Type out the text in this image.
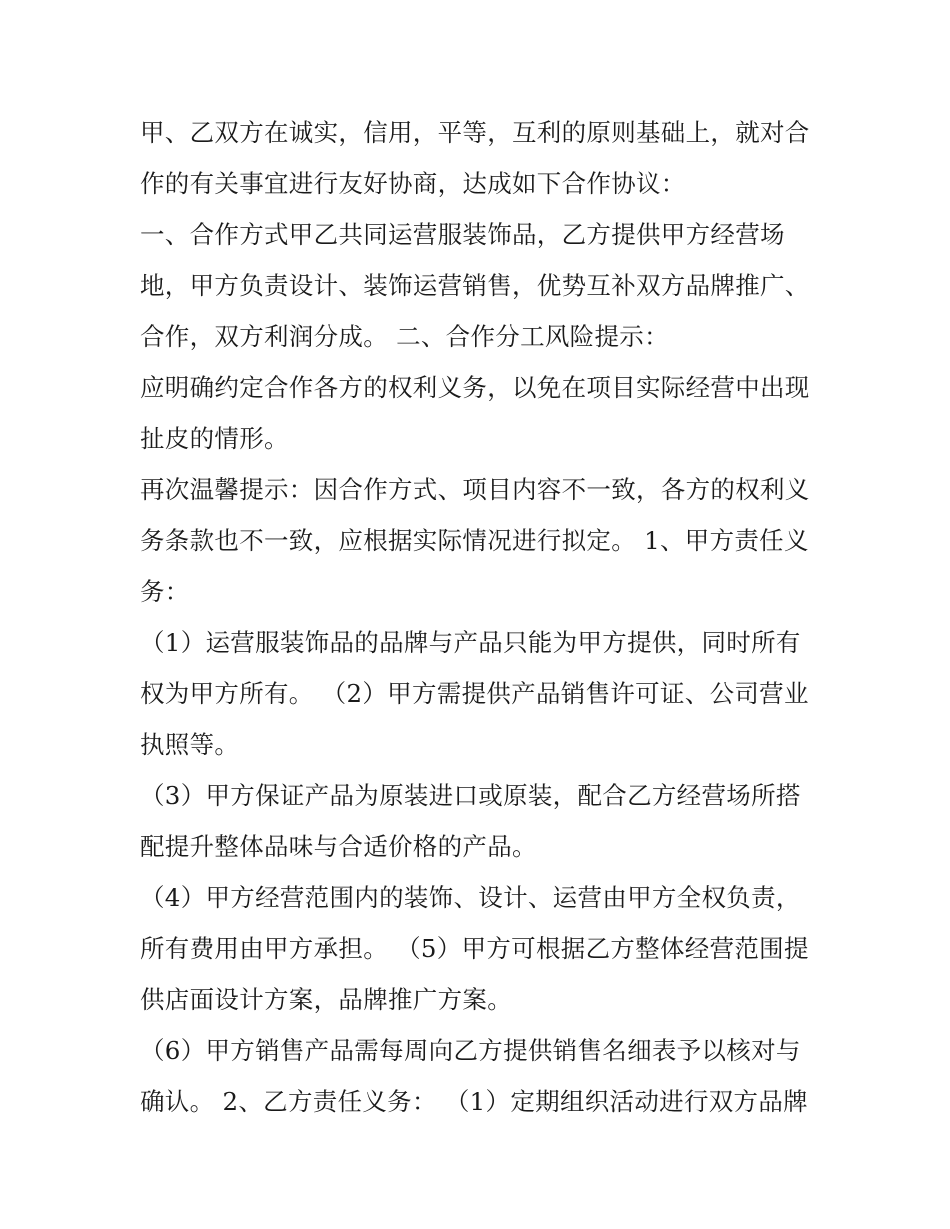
甲、乙双方在诚实，信用，平等，互利的原则基础上，就对合
作的有关事宜进行友好协商，达成如下合作协议：
一、合作方式甲乙共同运营服装饰品，乙方提供甲方经营场
地，甲方负责设计、装饰运营销售，优势互补双方品牌推广、
合作，双方利润分成。 二、合作分工风险提示：
应明确约定合作各方的权利义务，以免在项目实际经营中出现
扯皮的情形。
再次温馨提示：因合作方式、项目内容不一致，各方的权利义
务条款也不一致，应根据实际情况进行拟定。 1、甲方责任义
务：
（1）运营服装饰品的品牌与产品只能为甲方提供，同时所有
权为甲方所有。 （2）甲方需提供产品销售许可证、公司营业
执照等。
（3）甲方保证产品为原装进口或原装，配合乙方经营场所搭
配提升整体品味与合适价格的产品。
（4）甲方经营范围内的装饰、设计、运营由甲方全权负责，
所有费用由甲方承担。 （5）甲方可根据乙方整体经营范围提
供店面设计方案，品牌推广方案。
（6）甲方销售产品需每周向乙方提供销售名细表予以核对与
确认。 2、乙方责任义务： （1）定期组织活动进行双方品牌
